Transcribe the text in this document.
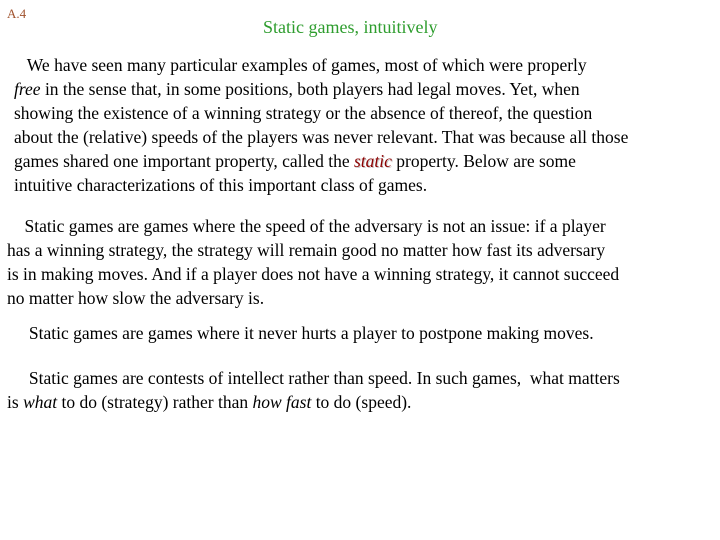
A.4
Static games, intuitively
We have seen many particular examples of games, most of which were properly
free in the sense that, in some positions, both players had legal moves. Yet, when
showing the existence of a winning strategy or the absence of thereof, the question
about the (relative) speeds of the players was never relevant. That was because all those
games shared one important property, called the static property. Below are some
intuitive characterizations of this important class of games.
Static games are games where the speed of the adversary is not an issue: if a player
has a winning strategy, the strategy will remain good no matter how fast its adversary
is in making moves. And if a player does not have a winning strategy, it cannot succeed
no matter how slow the adversary is.
Static games are games where it never hurts a player to postpone making moves.
Static games are contests of intellect rather than speed. In such games,  what matters
is what to do (strategy) rather than how fast to do (speed).
